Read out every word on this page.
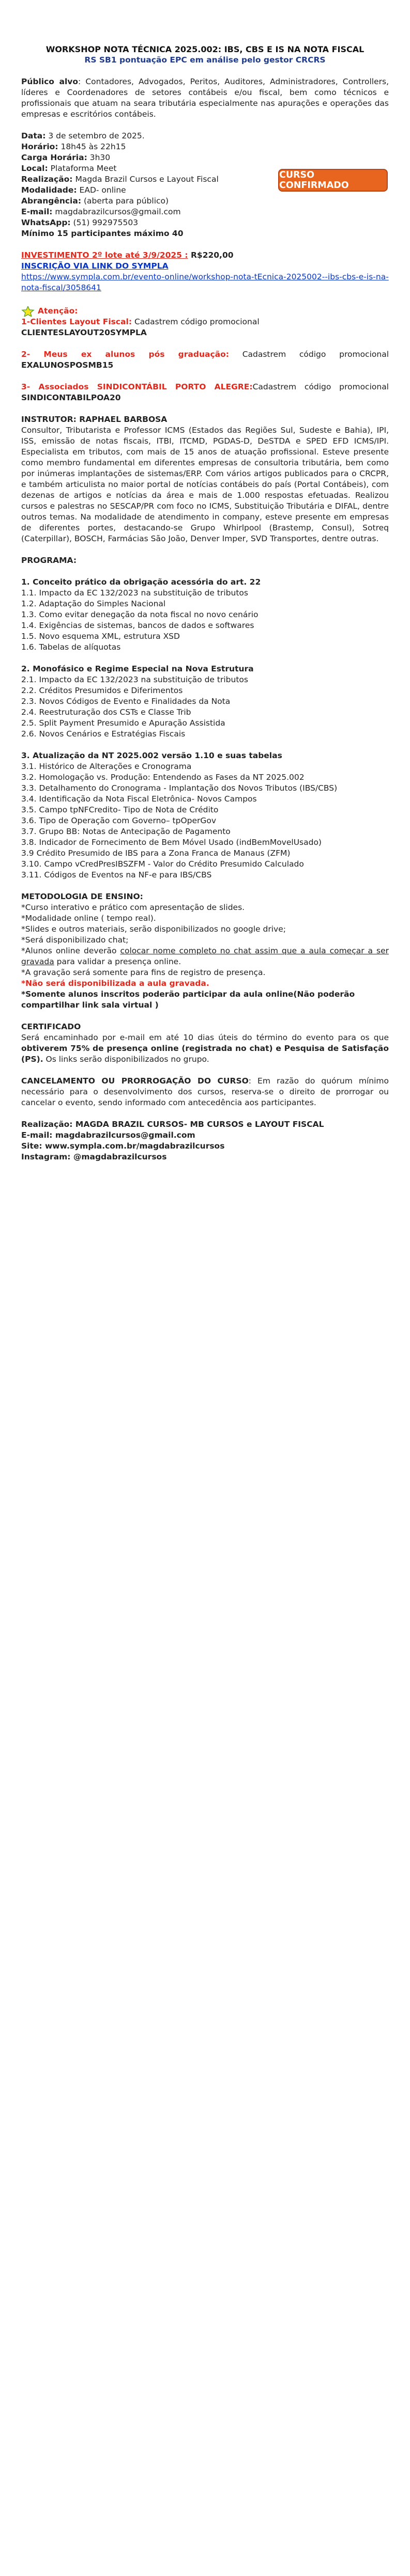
WORKSHOP NOTA TÉCNICA 2025.002: IBS, CBS E IS NA NOTA FISCAL
RS SB1 pontuação EPC em análise pelo gestor CRCRS

Público alvo: Contadores, Advogados, Peritos, Auditores, Administradores, Controllers, líderes e Coordenadores de setores contábeis e/ou fiscal, bem como técnicos e profissionais que atuam na seara tributária especialmente nas apurações e operações das empresas e escritórios contábeis.

Data: 3 de setembro de 2025.

Horário: 18h45 às 22h15

Carga Horária: 3h30

Local: Plataforma Meet

Realização: Magda Brazil Cursos e Layout Fiscal

Modalidade: EAD- online

Abrangência: (aberta para público)

E-mail: magdabrazilcursos@gmail.com

WhatsApp: (51) 992975503

Mínimo 15 participantes máximo 40

INVESTIMENTO 2º lote até 3/9/2025 : R$220,00

INSCRIÇÃO VIA LINK DO SYMPLA

https://www.sympla.com.br/evento-online/workshop-nota-tEcnica-2025002--ibs-cbs-e-is-na-nota-fiscal/3058641

Atenção:

1-Clientes Layout Fiscal: Cadastrem código promocional

CLIENTESLAYOUT20SYMPLA

2- Meus ex alunos pós graduação: Cadastrem código promocional EXALUNOSPOSMB15

3- Associados SINDICONTÁBIL PORTO ALEGRE:Cadastrem código promocional SINDICONTABILPOA20

INSTRUTOR: RAPHAEL BARBOSA

Consultor, Tributarista e Professor ICMS (Estados das Regiões Sul, Sudeste e Bahia), IPI, ISS, emissão de notas fiscais, ITBI, ITCMD, PGDAS-D, DeSTDA e SPED EFD ICMS/IPI. Especialista em tributos, com mais de 15 anos de atuação profissional. Esteve presente como membro fundamental em diferentes empresas de consultoria tributária, bem como por inúmeras implantações de sistemas/ERP. Com vários artigos publicados para o CRCPR, e também articulista no maior portal de notícias contábeis do país (Portal Contábeis), com dezenas de artigos e notícias da área e mais de 1.000 respostas efetuadas. Realizou cursos e palestras no SESCAP/PR com foco no ICMS, Substituição Tributária e DIFAL, dentre outros temas. Na modalidade de atendimento in company, esteve presente em empresas de diferentes portes, destacando-se Grupo Whirlpool (Brastemp, Consul), Sotreq (Caterpillar), BOSCH, Farmácias São João, Denver Imper, SVD Transportes, dentre outras.

PROGRAMA:

1. Conceito prático da obrigação acessória do art. 22

1.1. Impacto da EC 132/2023 na substituição de tributos

1.2. Adaptação do Simples Nacional

1.3. Como evitar denegação da nota fiscal no novo cenário

1.4. Exigências de sistemas, bancos de dados e softwares

1.5. Novo esquema XML, estrutura XSD

1.6. Tabelas de alíquotas

2. Monofásico e Regime Especial na Nova Estrutura

2.1. Impacto da EC 132/2023 na substituição de tributos

2.2. Créditos Presumidos e Diferimentos

2.3. Novos Códigos de Evento e Finalidades da Nota

2.4. Reestruturação dos CSTs e Classe Trib

2.5. Split Payment Presumido e Apuração Assistida

2.6. Novos Cenários e Estratégias Fiscais

3. Atualização da NT 2025.002 versão 1.10 e suas tabelas

3.1. Histórico de Alterações e Cronograma

3.2. Homologação vs. Produção: Entendendo as Fases da NT 2025.002

3.3. Detalhamento do Cronograma - Implantação dos Novos Tributos (IBS/CBS)

3.4. Identificação da Nota Fiscal Eletrônica- Novos Campos

3.5. Campo tpNFCredito- Tipo de Nota de Crédito

3.6. Tipo de Operação com Governo– tpOperGov

3.7. Grupo BB: Notas de Antecipação de Pagamento

3.8. Indicador de Fornecimento de Bem Móvel Usado (indBemMovelUsado)

3.9 Crédito Presumido de IBS para a Zona Franca de Manaus (ZFM)

3.10. Campo vCredPresIBSZFM - Valor do Crédito Presumido Calculado

3.11. Códigos de Eventos na NF-e para IBS/CBS

METODOLOGIA DE ENSINO:

*Curso interativo e prático com apresentação de slides.

*Modalidade online ( tempo real).

*Slides e outros materiais, serão disponibilizados no google drive;

*Será disponibilizado chat;

*Alunos online deverão colocar nome completo no chat assim que a aula começar a ser gravada para validar a presença online.

*A gravação será somente para fins de registro de presença.

*Não será disponibilizada a aula gravada.

*Somente alunos inscritos poderão participar da aula online(Não poderão compartilhar link sala virtual )

CERTIFICADO

Será encaminhado por e-mail em até 10 dias úteis do término do evento para os que obtiverem 75% de presença online (registrada no chat) e Pesquisa de Satisfação (PS). Os links serão disponibilizados no grupo.

CANCELAMENTO OU PRORROGAÇÃO DO CURSO: Em razão do quórum mínimo necessário para o desenvolvimento dos cursos, reserva-se o direito de prorrogar ou cancelar o evento, sendo informado com antecedência aos participantes.

Realização: MAGDA BRAZIL CURSOS- MB CURSOS e LAYOUT FISCAL

E-mail: magdabrazilcursos@gmail.com

Site: www.sympla.com.br/magdabrazilcursos

Instagram: @magdabrazilcursos

CURSO CONFIRMADO
